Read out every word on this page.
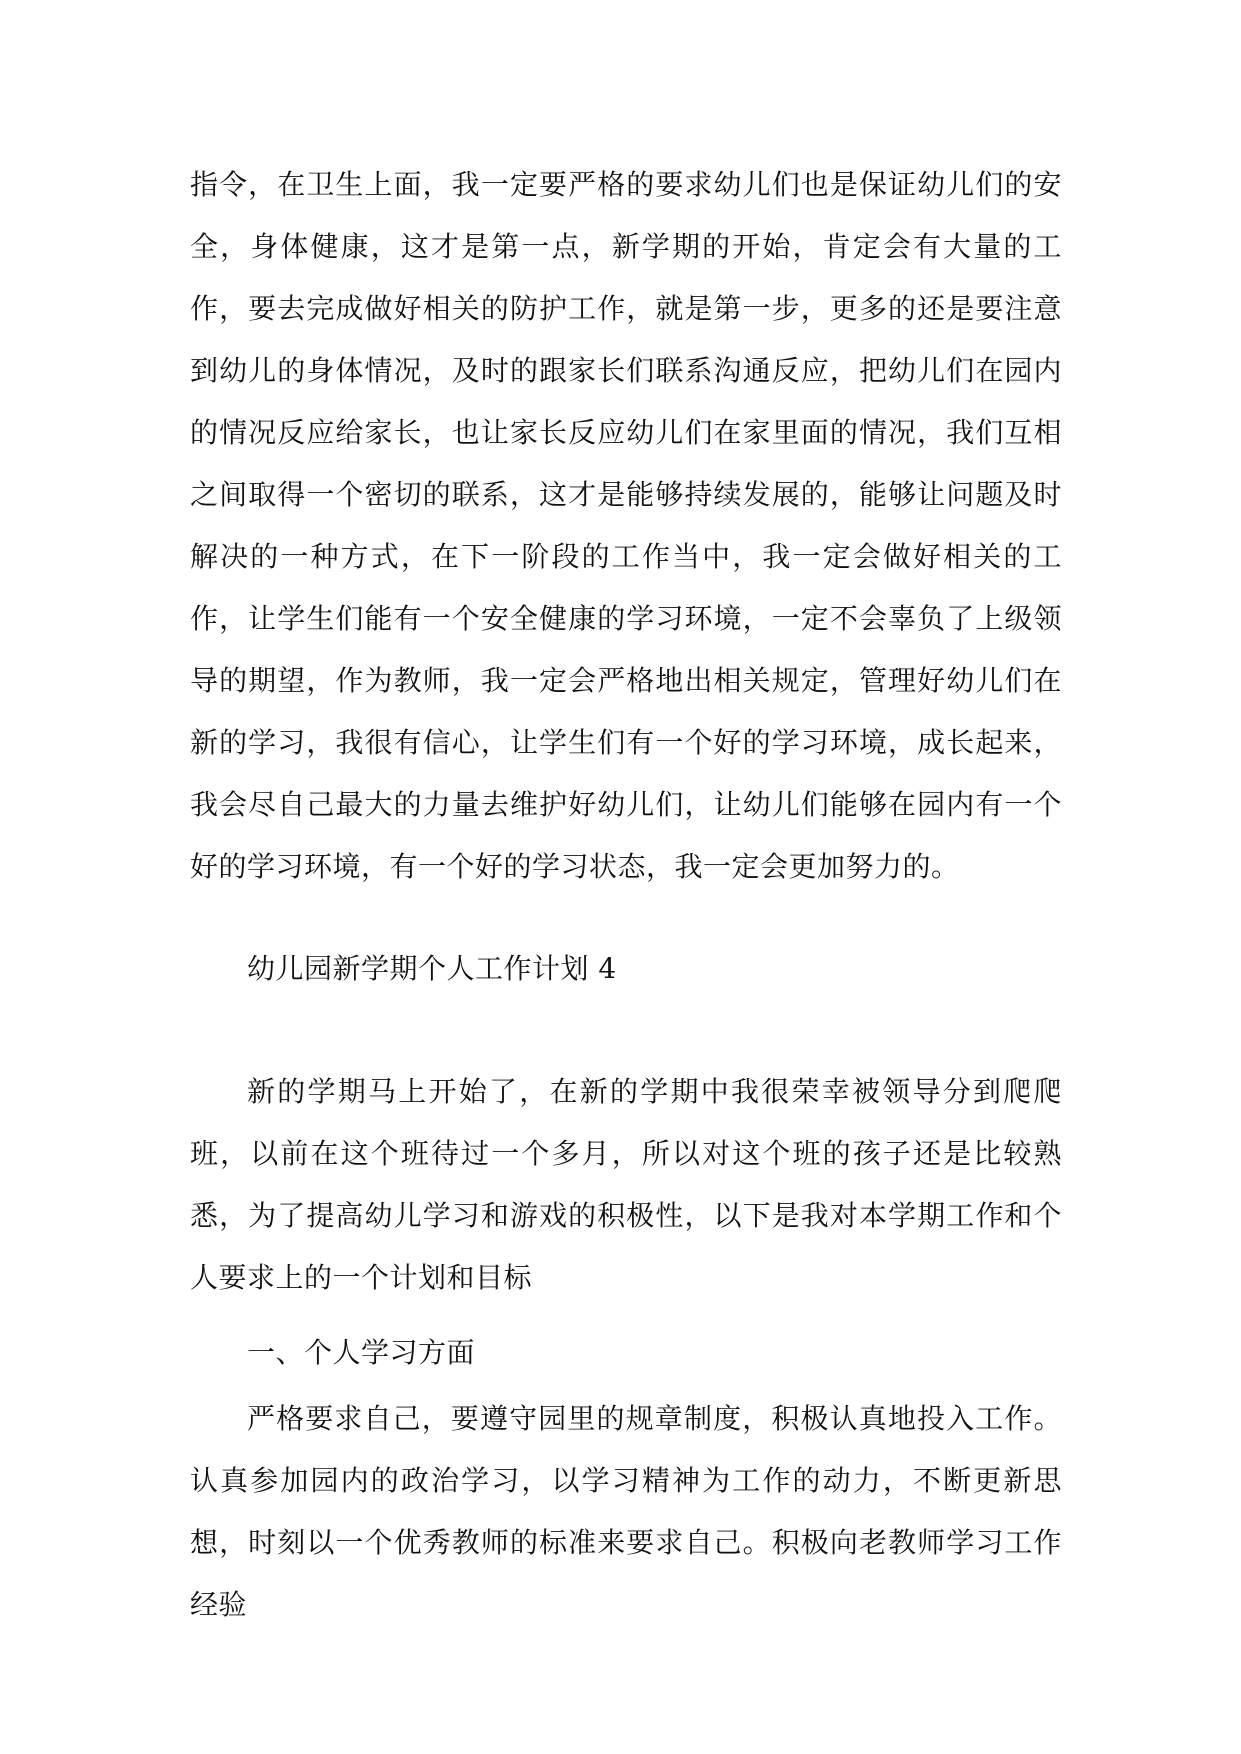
指令，在卫生上面，我一定要严格的要求幼儿们也是保证幼儿们的安全，身体健康，这才是第一点，新学期的开始，肯定会有大量的工作，要去完成做好相关的防护工作，就是第一步，更多的还是要注意到幼儿的身体情况，及时的跟家长们联系沟通反应，把幼儿们在园内的情况反应给家长，也让家长反应幼儿们在家里面的情况，我们互相之间取得一个密切的联系，这才是能够持续发展的，能够让问题及时解决的一种方式，在下一阶段的工作当中，我一定会做好相关的工作，让学生们能有一个安全健康的学习环境，一定不会辜负了上级领导的期望，作为教师，我一定会严格地出相关规定，管理好幼儿们在新的学习，我很有信心，让学生们有一个好的学习环境，成长起来，我会尽自己最大的力量去维护好幼儿们，让幼儿们能够在园内有一个好的学习环境，有一个好的学习状态，我一定会更加努力的。
幼儿园新学期个人工作计划 4
新的学期马上开始了，在新的学期中我很荣幸被领导分到爬爬班，以前在这个班待过一个多月，所以对这个班的孩子还是比较熟悉，为了提高幼儿学习和游戏的积极性，以下是我对本学期工作和个人要求上的一个计划和目标
一、个人学习方面
严格要求自己，要遵守园里的规章制度，积极认真地投入工作。认真参加园内的政治学习，以学习精神为工作的动力，不断更新思想，时刻以一个优秀教师的标准来要求自己。积极向老教师学习工作经验
